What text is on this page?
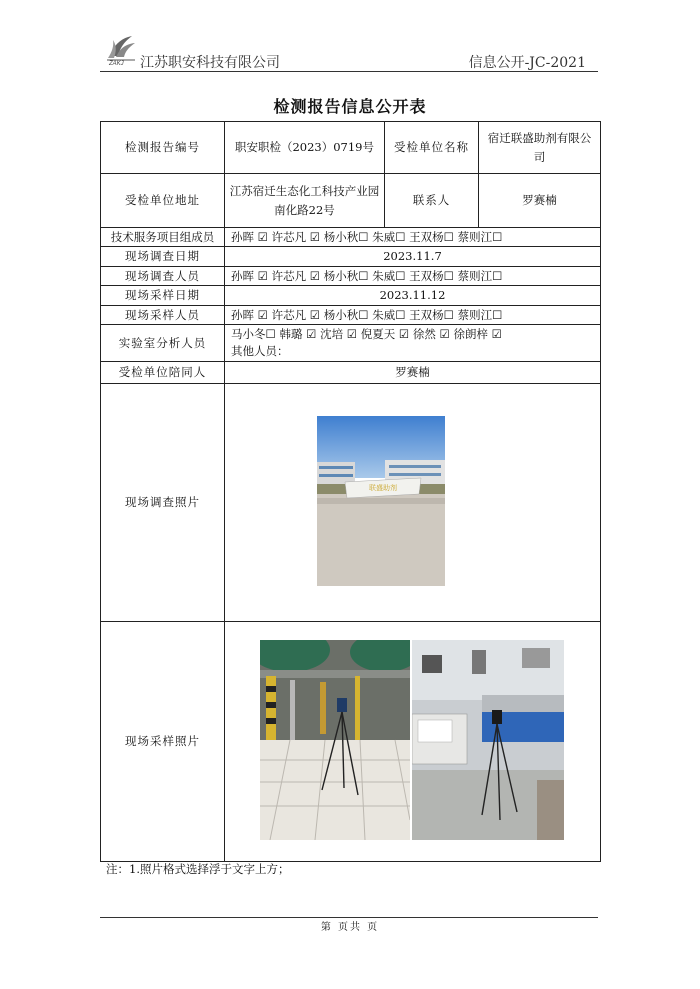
ZAKJ 江苏职安科技有限公司	信息公开-JC-2021
检测报告信息公开表
检测报告编号	职安职检（2023）0719号	受检单位名称	宿迁联盛助剂有限公司
受检单位地址	江苏宿迁生态化工科技产业园南化路22号	联系人	罗赛楠
技术服务项目组成员	孙晖 ☑ 许芯凡 ☑ 杨小秋☐ 朱威☐ 王双杨☐ 蔡则江☐		
现场调查日期	2023.11.7		
现场调查人员	孙晖 ☑ 许芯凡 ☑ 杨小秋☐ 朱威☐ 王双杨☐ 蔡则江☐		
现场采样日期	2023.11.12		
现场采样人员	孙晖 ☑ 许芯凡 ☑ 杨小秋☐ 朱威☐ 王双杨☐ 蔡则江☐		
实验室分析人员	马小冬☐ 韩璐 ☑ 沈培 ☑ 倪夏天 ☑ 徐然 ☑ 徐朗梓 ☑
其他人员：		

受检单位陪同人	罗赛楠		
现场调查照片	联盛助剂		

现场采样照片	
注：1.照片格式选择浮于文字上方；
第 页共 页
